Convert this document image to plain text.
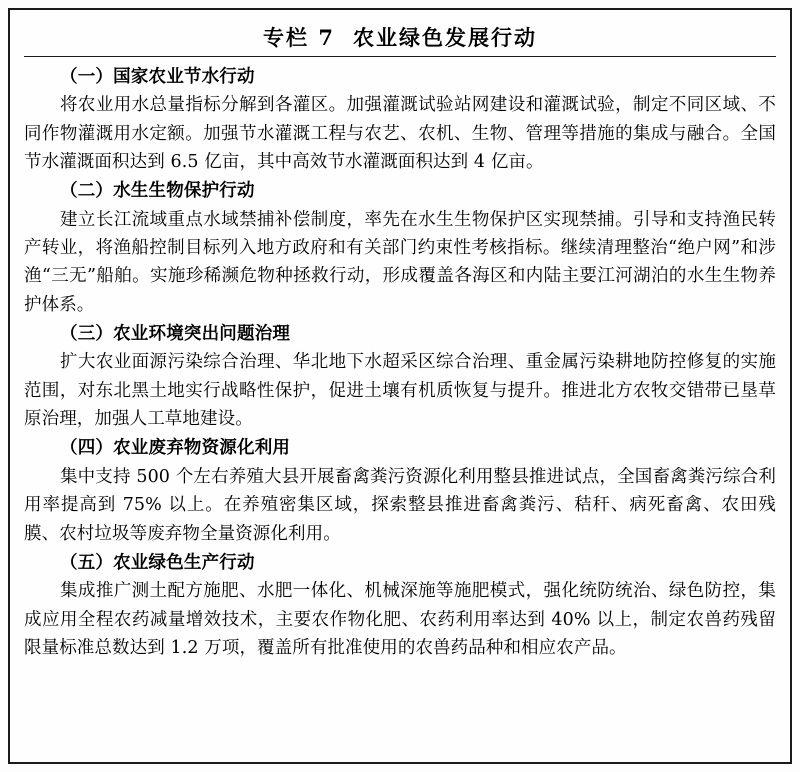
专栏 7 农业绿色发展行动
（一）国家农业节水行动
将农业用水总量指标分解到各灌区。加强灌溉试验站网建设和灌溉试验，制定不同区域、不同作物灌溉用水定额。加强节水灌溉工程与农艺、农机、生物、管理等措施的集成与融合。全国节水灌溉面积达到 6.5 亿亩，其中高效节水灌溉面积达到 4 亿亩。
（二）水生生物保护行动
建立长江流域重点水域禁捕补偿制度，率先在水生生物保护区实现禁捕。引导和支持渔民转产转业，将渔船控制目标列入地方政府和有关部门约束性考核指标。继续清理整治“绝户网”和涉渔“三无”船舶。实施珍稀濒危物种拯救行动，形成覆盖各海区和内陆主要江河湖泊的水生生物养护体系。
（三）农业环境突出问题治理
扩大农业面源污染综合治理、华北地下水超采区综合治理、重金属污染耕地防控修复的实施范围，对东北黑土地实行战略性保护，促进土壤有机质恢复与提升。推进北方农牧交错带已垦草原治理，加强人工草地建设。
（四）农业废弃物资源化利用
集中支持 500 个左右养殖大县开展畜禽粪污资源化利用整县推进试点，全国畜禽粪污综合利用率提高到 75% 以上。在养殖密集区域，探索整县推进畜禽粪污、秸秆、病死畜禽、农田残膜、农村垃圾等废弃物全量资源化利用。
（五）农业绿色生产行动
集成推广测土配方施肥、水肥一体化、机械深施等施肥模式，强化统防统治、绿色防控，集成应用全程农药减量增效技术，主要农作物化肥、农药利用率达到 40% 以上，制定农兽药残留限量标准总数达到 1.2 万项，覆盖所有批准使用的农兽药品种和相应农产品。
